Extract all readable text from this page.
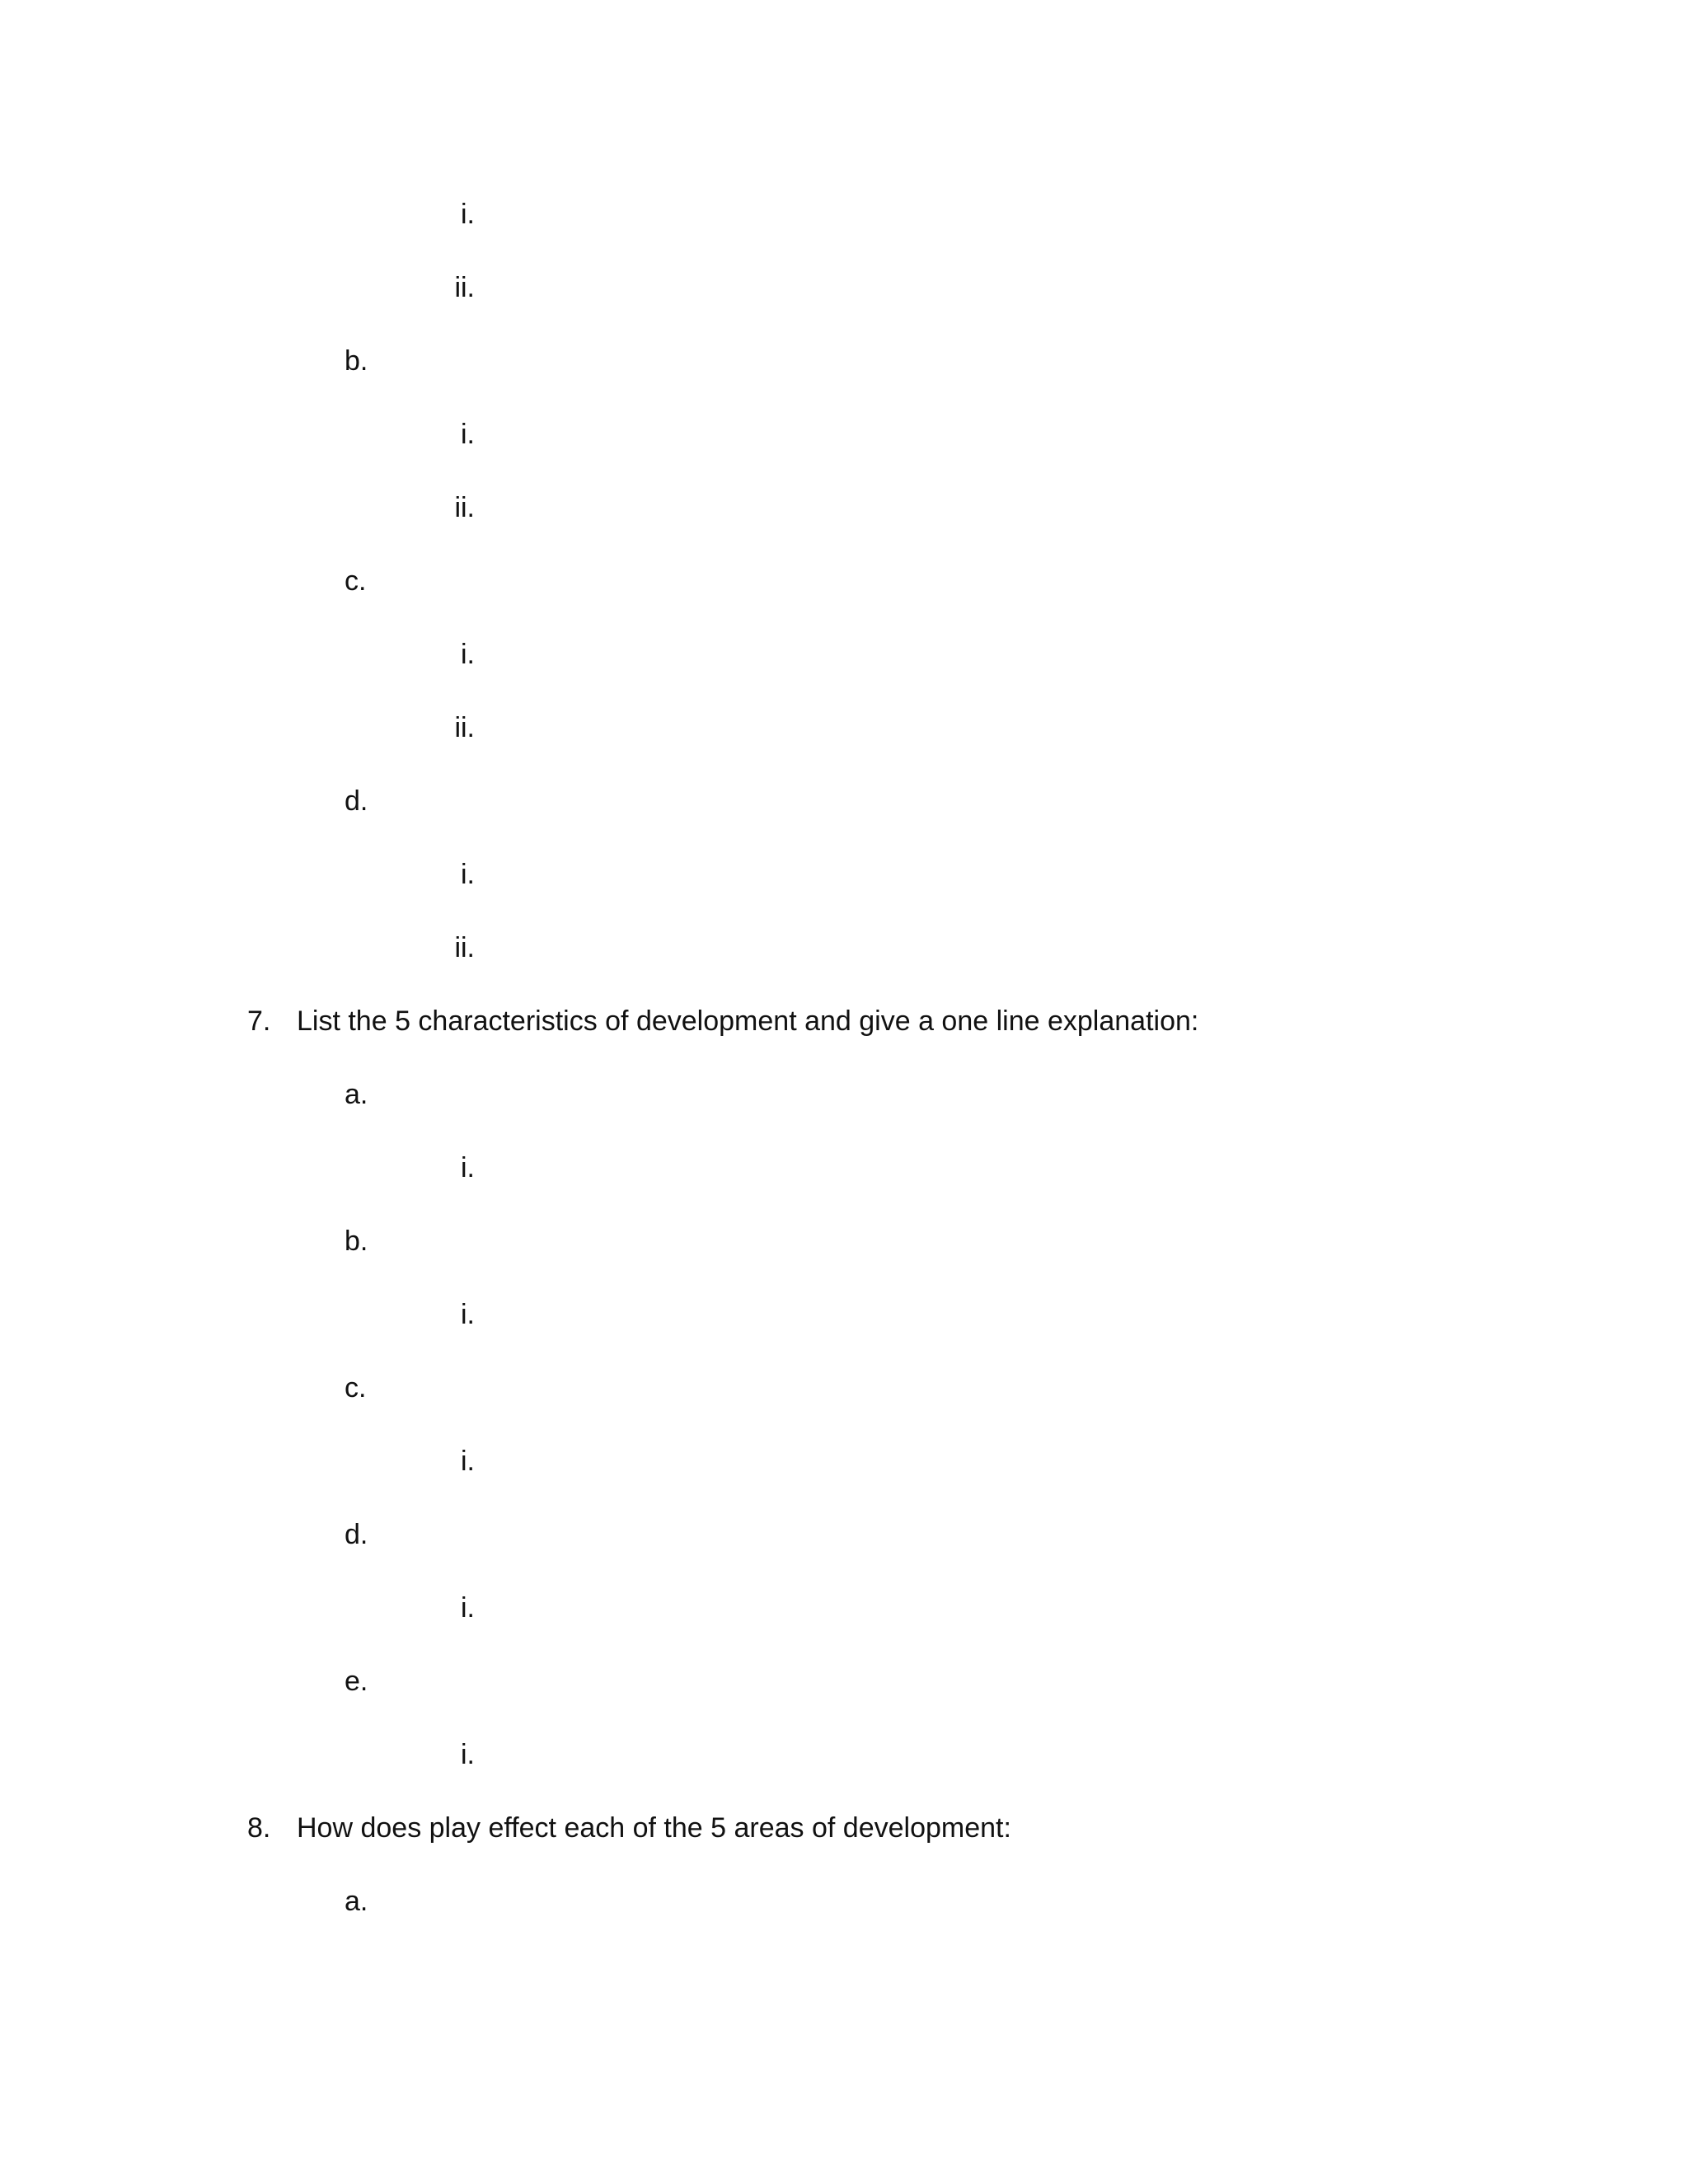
i.
ii.
b.
i.
ii.
c.
i.
ii.
d.
i.
ii.
7. List the 5 characteristics of development and give a one line explanation:
a.
i.
b.
i.
c.
i.
d.
i.
e.
i.
8. How does play effect each of the 5 areas of development:
a.
